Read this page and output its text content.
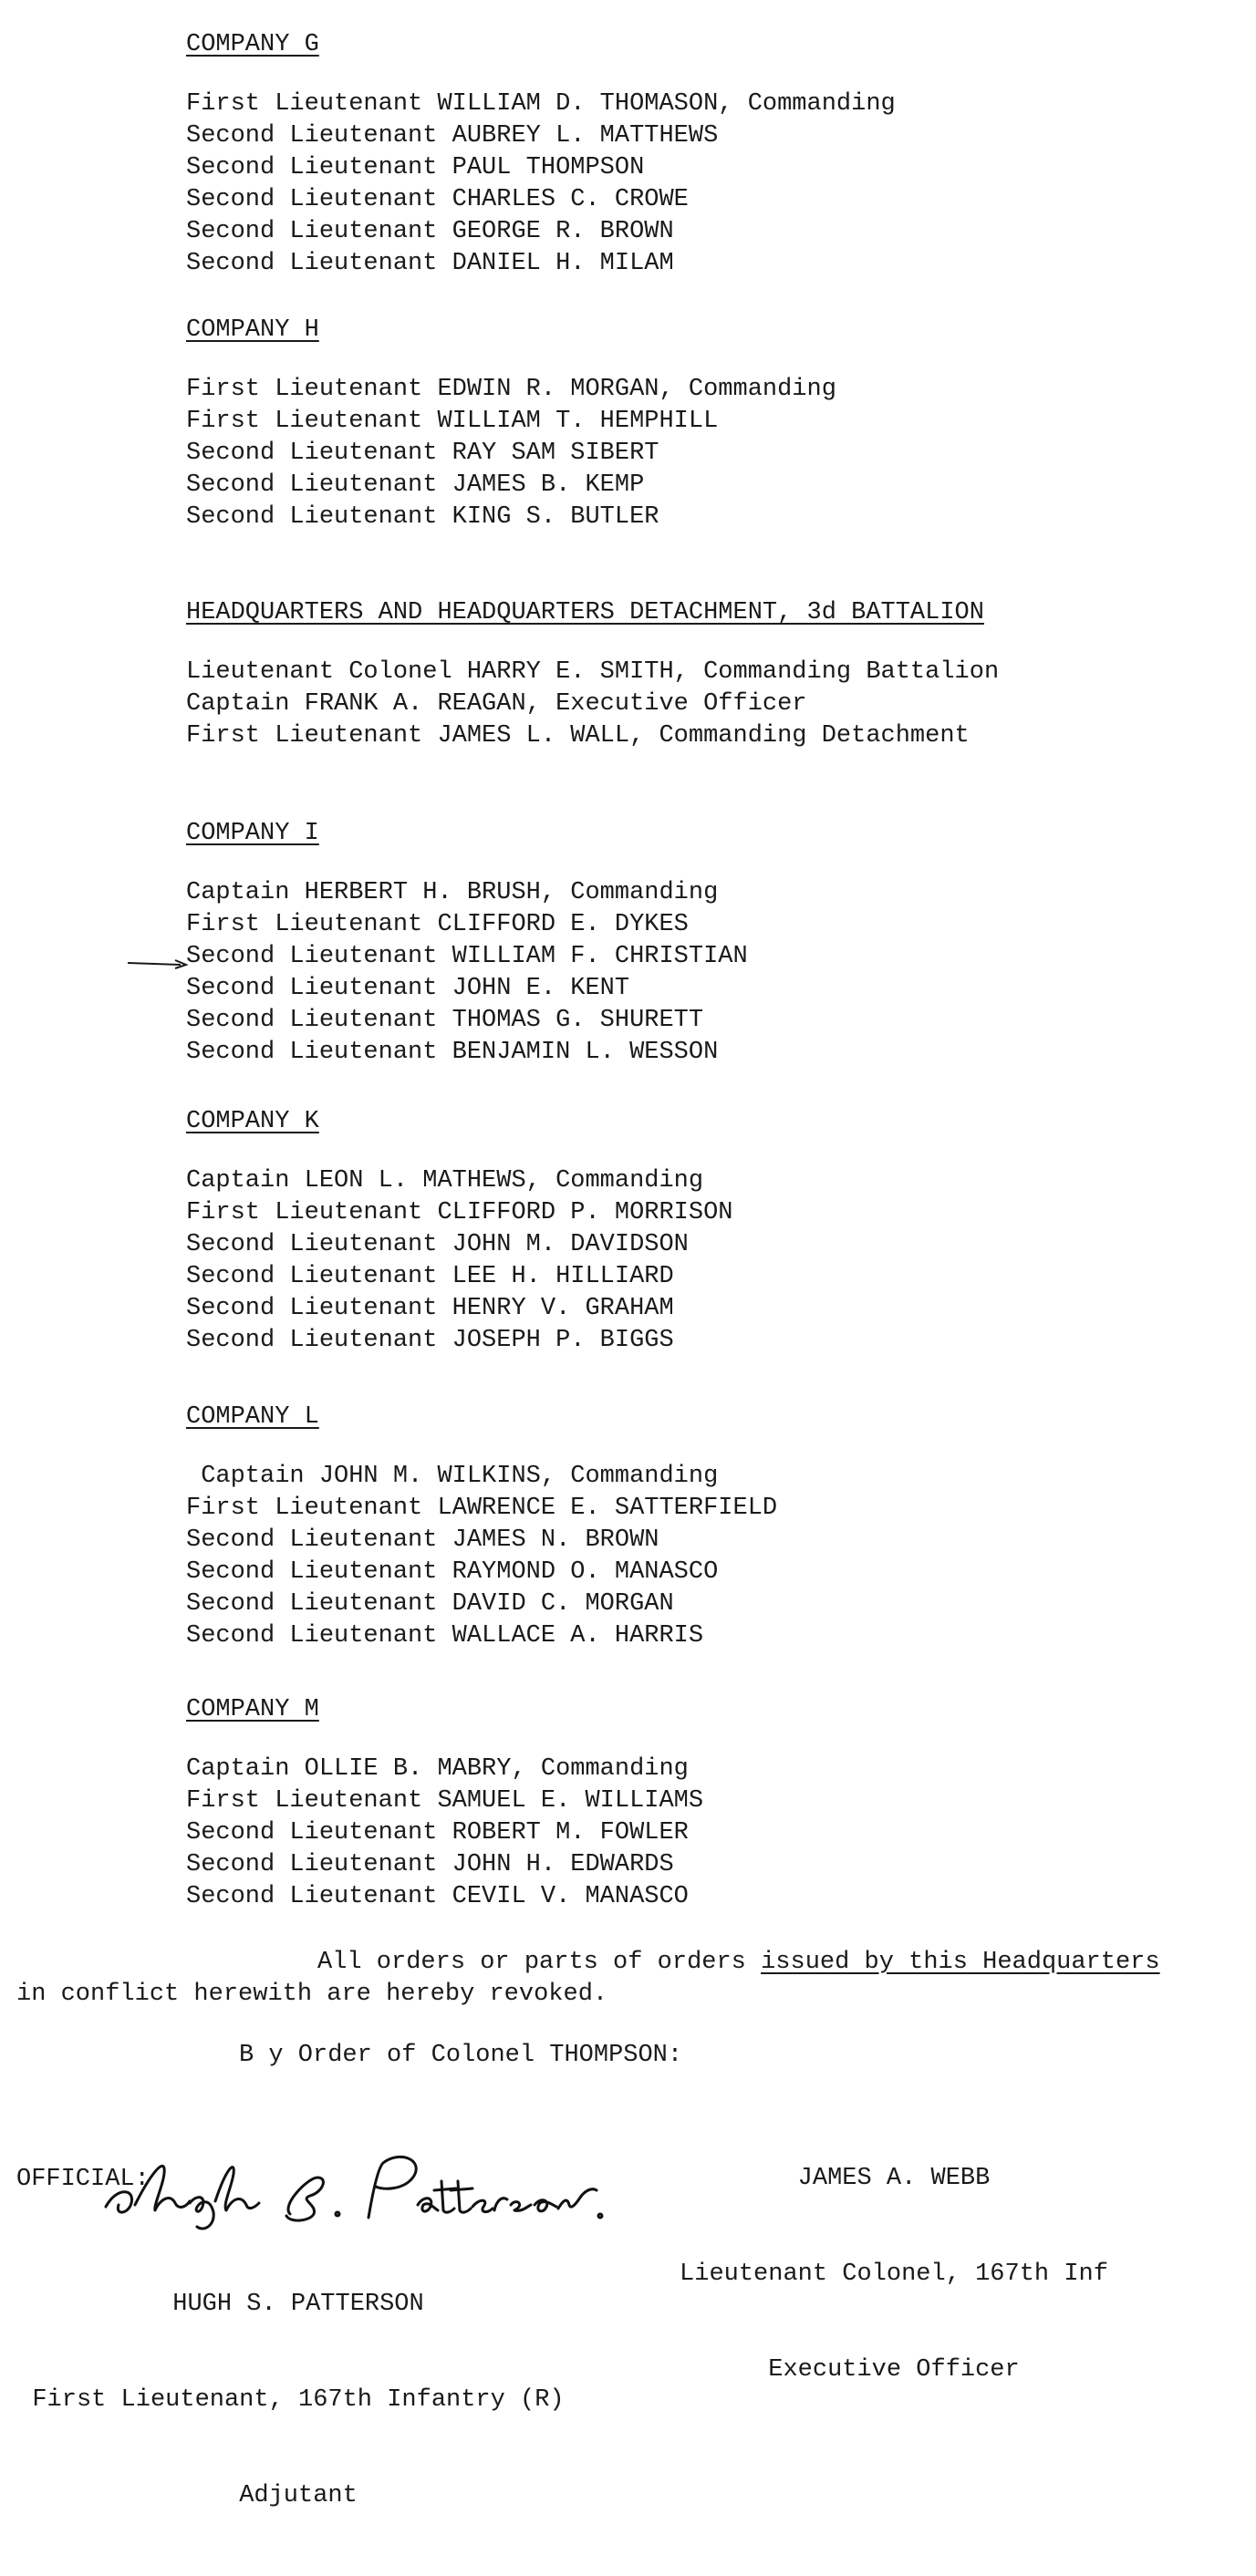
COMPANY G
First Lieutenant WILLIAM D. THOMASON, Commanding
Second Lieutenant AUBREY L. MATTHEWS
Second Lieutenant PAUL THOMPSON
Second Lieutenant CHARLES C. CROWE
Second Lieutenant GEORGE R. BROWN
Second Lieutenant DANIEL H. MILAM
COMPANY H
First Lieutenant EDWIN R. MORGAN, Commanding
First Lieutenant WILLIAM T. HEMPHILL
Second Lieutenant RAY SAM SIBERT
Second Lieutenant JAMES B. KEMP
Second Lieutenant KING S. BUTLER
HEADQUARTERS AND HEADQUARTERS DETACHMENT, 3d BATTALION
Lieutenant Colonel HARRY E. SMITH, Commanding Battalion
Captain FRANK A. REAGAN, Executive Officer
First Lieutenant JAMES L. WALL, Commanding Detachment
COMPANY I
Captain HERBERT H. BRUSH, Commanding
First Lieutenant CLIFFORD E. DYKES
Second Lieutenant WILLIAM F. CHRISTIAN
Second Lieutenant JOHN E. KENT
Second Lieutenant THOMAS G. SHURETT
Second Lieutenant BENJAMIN L. WESSON
COMPANY K
Captain LEON L. MATHEWS, Commanding
First Lieutenant CLIFFORD P. MORRISON
Second Lieutenant JOHN M. DAVIDSON
Second Lieutenant LEE H. HILLIARD
Second Lieutenant HENRY V. GRAHAM
Second Lieutenant JOSEPH P. BIGGS
COMPANY L
Captain JOHN M. WILKINS, Commanding
First Lieutenant LAWRENCE E. SATTERFIELD
Second Lieutenant JAMES N. BROWN
Second Lieutenant RAYMOND O. MANASCO
Second Lieutenant DAVID C. MORGAN
Second Lieutenant WALLACE A. HARRIS
COMPANY M
Captain OLLIE B. MABRY, Commanding
First Lieutenant SAMUEL E. WILLIAMS
Second Lieutenant ROBERT M. FOWLER
Second Lieutenant JOHN H. EDWARDS
Second Lieutenant CEVIL V. MANASCO
All orders or parts of orders issued by this Headquarters
in conflict herewith are hereby revoked.
B y Order of Colonel THOMPSON:

JAMES A. WEBB

Lieutenant Colonel, 167th Inf

Executive Officer

OFFICIAL:

HUGH S. PATTERSON

First Lieutenant, 167th Infantry (R)

Adjutant
